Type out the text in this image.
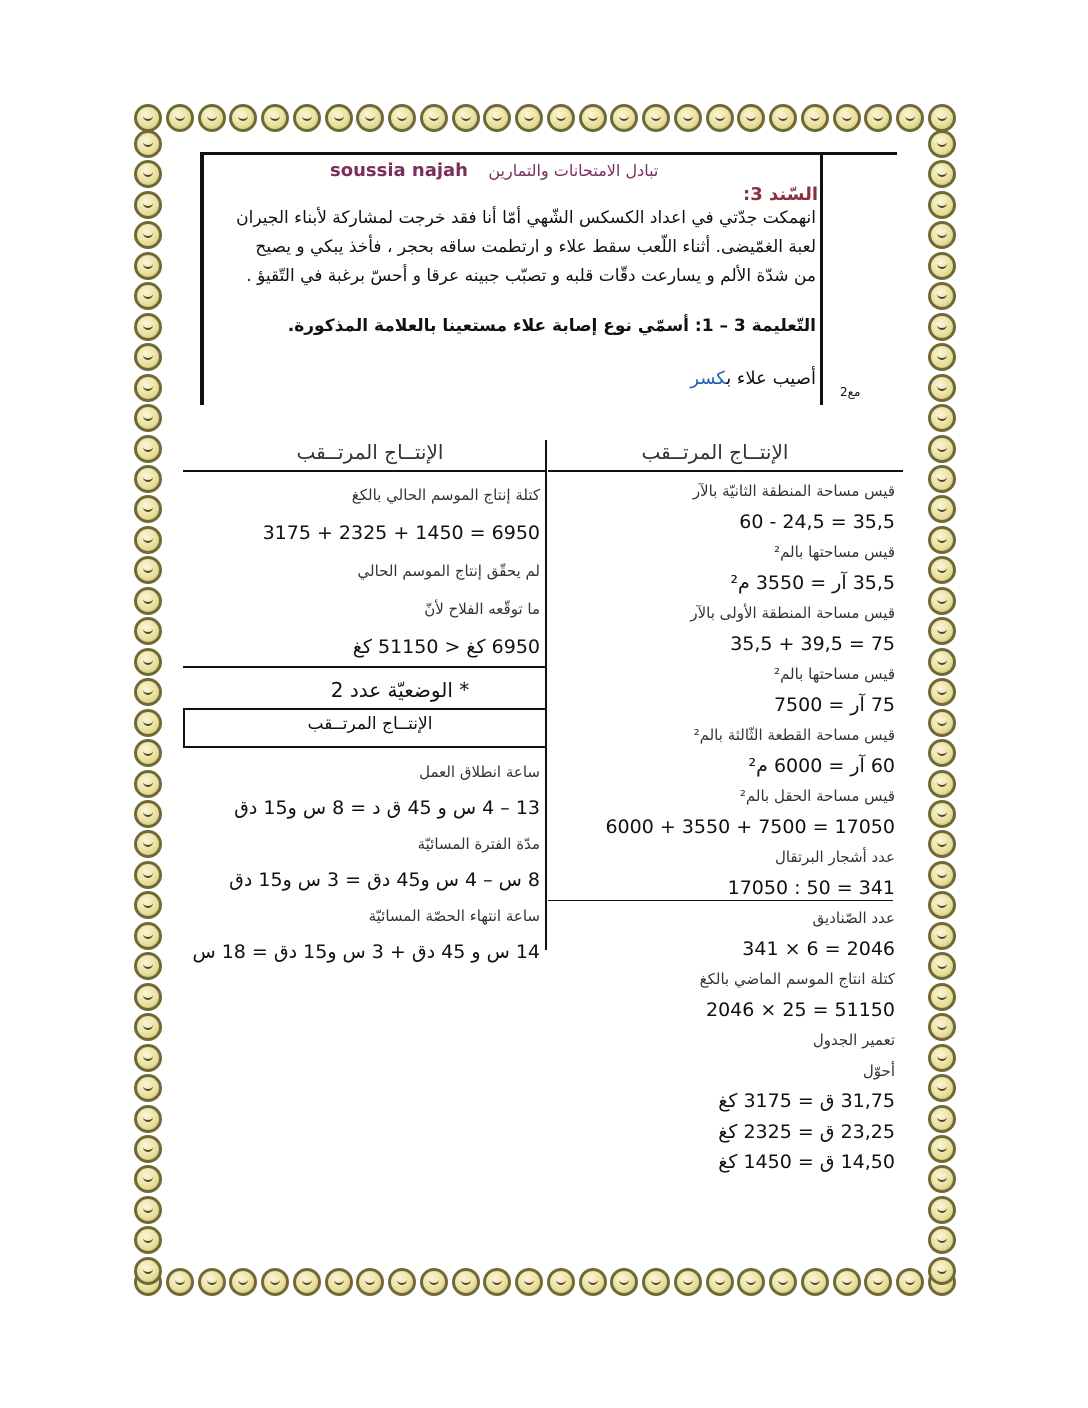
soussia najah تبادل الامتحانات والتمارين
السّند 3:
انهمكت جدّتي في اعداد الكسكس الشّهي أمّا أنا فقد خرجت لمشاركة لأبناء الجيران
لعبة الغمّيضى. أثناء اللّعب سقط علاء و ارتطمت ساقه بحجر ، فأخذ يبكي و يصيح
من شدّة الألم و يسارعت دقّات قلبه و تصبّب جبينه عرقا و أحسّ برغبة في التّقيؤ .
التّعليمة 3 – 1: أسمّي نوع إصابة علاء مستعينا بالعلامة المذكورة.
أصيب علاء بكسر
مع2
الإنتــاج المرتــقب
قيس مساحة المنطقة الثانيّة بالآر
35,5 = 24,5 - 60
قيس مساحتها بالم²
35,5 آر = 3550 م²
قيس مساحة المنطقة الأولى بالآر
75 = 39,5 + 35,5
قيس مساحتها بالم²
75 آر = 7500
قيس مساحة القطعة الثّالثة بالم²
60 آر = 6000 م²
قيس مساحة الحقل بالم²
17050 = 7500 + 3550 + 6000
عدد أشجار البرتقال
341 = 50 : 17050
عدد الصّناديق
2046 = 6 × 341
كتلة انتاج الموسم الماضي بالكغ
51150 = 25 × 2046
تعمير الجدول
أحوّل
31,75 ق = 3175 كغ
23,25 ق = 2325 كغ
14,50 ق = 1450 كغ
الإنتــاج المرتــقب
كتلة إنتاج الموسم الحالي بالكغ
6950 = 1450 + 2325 + 3175
لم يحقّق إنتاج الموسم الحالي
ما توقّعه الفلاح لأنّ
6950 كغ < 51150 كغ
* الوضعيّة عدد 2
الإنتــاج المرتــقب
ساعة انطلاق العمل
13 – 4 س و 45 ق د = 8 س و15 دق
مدّة الفترة المسائيّة
8 س – 4 س و45 دق = 3 س و15 دق
ساعة انتهاء الحصّة المسائيّة
14 س و 45 دق + 3 س و15 دق = 18 س
